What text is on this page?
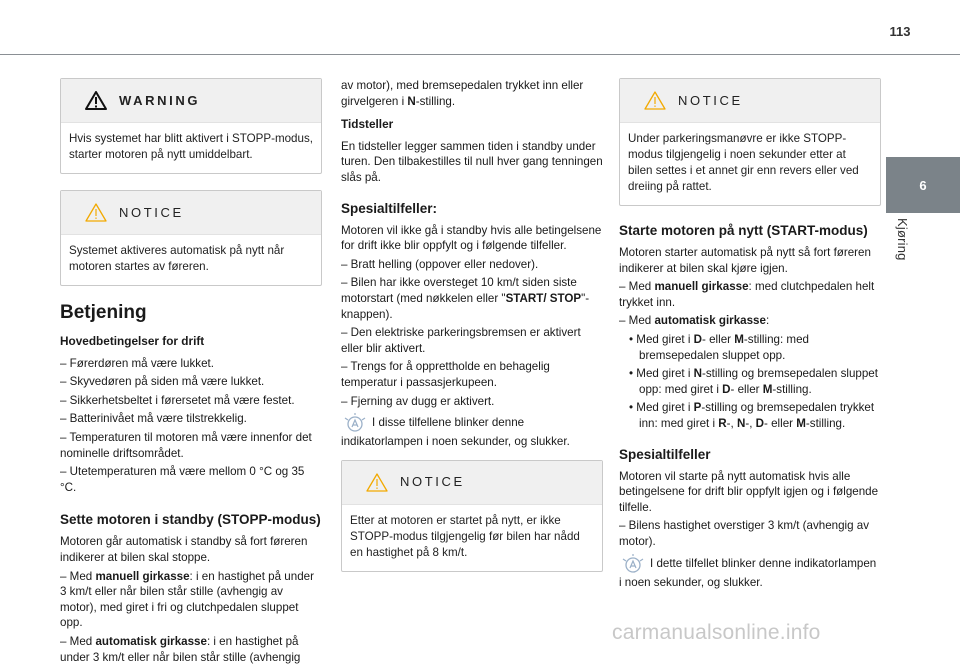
113
6
Kjøring
WARNING
Hvis systemet har blitt aktivert i STOPP-modus, starter motoren på nytt umiddelbart.
NOTICE
Systemet aktiveres automatisk på nytt når motoren startes av føreren.
Betjening
Hovedbetingelser for drift

– Førerdøren må være lukket.

– Skyvedøren på siden må være lukket.

– Sikkerhetsbeltet i førersetet må være festet.

– Batterinivået må være tilstrekkelig.

– Temperaturen til motoren må være innenfor det nominelle driftsområdet.

– Utetemperaturen må være mellom 0 °C og 35 °C.

Sette motoren i standby (STOPP-modus)

Motoren går automatisk i standby så fort føreren indikerer at bilen skal stoppe.

– Med manuell girkasse: i en hastighet på under 3 km/t eller når bilen står stille (avhengig av motor), med giret i fri og clutchpedalen sluppet opp.

– Med automatisk girkasse: i en hastighet på under 3 km/t eller når bilen står stille (avhengig

av motor), med bremsepedalen trykket inn eller girvelgeren i N-stilling.

Tidsteller

En tidsteller legger sammen tiden i standby under turen. Den tilbakestilles til null hver gang tenningen slås på.

Spesialtilfeller:

Motoren vil ikke gå i standby hvis alle betingelsene for drift ikke blir oppfylt og i følgende tilfeller.

– Bratt helling (oppover eller nedover).

– Bilen har ikke oversteget 10 km/t siden siste motorstart (med nøkkelen eller "START/ STOP"-knappen).

– Den elektriske parkeringsbremsen er aktivert eller blir aktivert.

– Trengs for å opprettholde en behagelig temperatur i passasjerkupeen.

– Fjerning av dugg er aktivert.

I disse tilfellene blinker denne indikatorlampen i noen sekunder, og slukker.

NOTICE
Etter at motoren er startet på nytt, er ikke STOPP-modus tilgjengelig før bilen har nådd en hastighet på 8 km/t.
NOTICE
Under parkeringsmanøvre er ikke STOPP-modus tilgjengelig i noen sekunder etter at bilen settes i et annet gir enn revers eller ved dreiing på rattet.
Starte motoren på nytt (START-modus)

Motoren starter automatisk på nytt så fort føreren indikerer at bilen skal kjøre igjen.

– Med manuell girkasse: med clutchpedalen helt trykket inn.

– Med automatisk girkasse:

• Med giret i D- eller M-stilling: med bremsepedalen sluppet opp.

• Med giret i N-stilling og bremsepedalen sluppet opp: med giret i D- eller M-stilling.

• Med giret i P-stilling og bremsepedalen trykket inn: med giret i R-, N-, D- eller M-stilling.

Spesialtilfeller

Motoren vil starte på nytt automatisk hvis alle betingelsene for drift blir oppfylt igjen og i følgende tilfelle.

– Bilens hastighet overstiger 3 km/t (avhengig av motor).

I dette tilfellet blinker denne indikatorlampen i noen sekunder, og slukker.

carmanualsonline.info
